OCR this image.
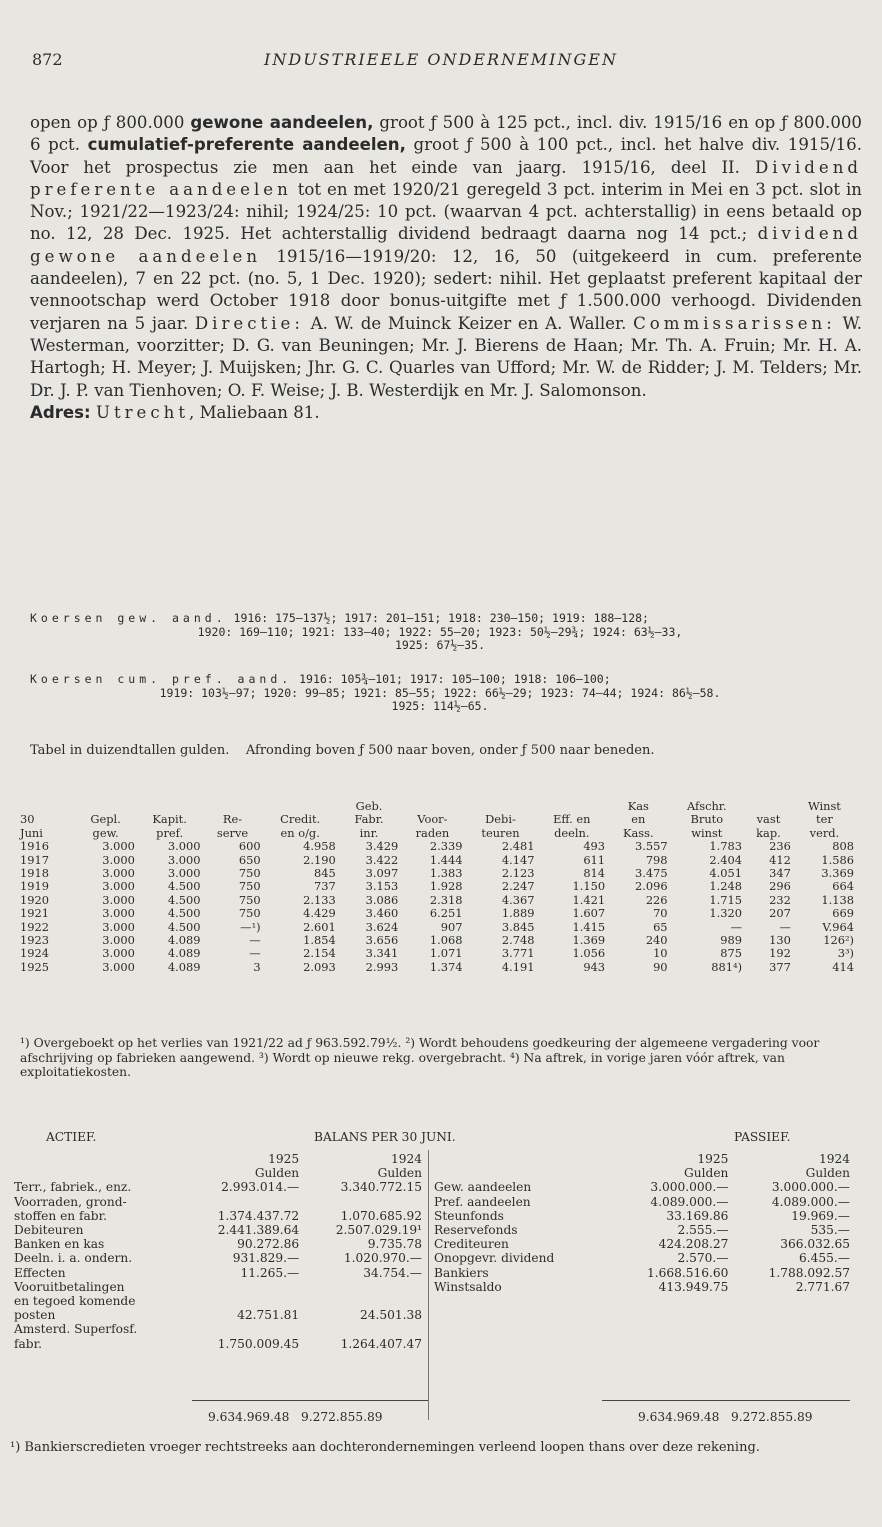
872	INDUSTRIEELE ONDERNEMINGEN
open op ƒ 800.000 gewone aandeelen, groot ƒ 500 à 125 pct., incl. div. 1915/16 en op ƒ 800.000 6 pct. cumulatief-preferente aandeelen, groot ƒ 500 à 100 pct., incl. het halve div. 1915/16. Voor het prospectus zie men aan het einde van jaarg. 1915/16, deel II. Dividend preferente aandeelen tot en met 1920/21 geregeld 3 pct. interim in Mei en 3 pct. slot in Nov.; 1921/22—1923/24: nihil; 1924/25: 10 pct. (waarvan 4 pct. achterstallig) in eens betaald op no. 12, 28 Dec. 1925. Het achterstallig dividend bedraagt daarna nog 14 pct.; dividend gewone aandeelen 1915/16—1919/20: 12, 16, 50 (uitgekeerd in cum. preferente aandeelen), 7 en 22 pct. (no. 5, 1 Dec. 1920); sedert: nihil. Het geplaatst preferent kapitaal der vennootschap werd October 1918 door bonus-uitgifte met ƒ 1.500.000 verhoogd. Dividenden verjaren na 5 jaar. Directie: A. W. de Muinck Keizer en A. Waller. Commissarissen: W. Westerman, voorzitter; D. G. van Beuningen; Mr. J. Bierens de Haan; Mr. Th. A. Fruin; Mr. H. A. Hartogh; H. Meyer; J. Muijsken; Jhr. G. C. Quarles van Ufford; Mr. W. de Ridder; J. M. Telders; Mr. Dr. J. P. van Tienhoven; O. F. Weise; J. B. Westerdijk en Mr. J. Salomonson.
Adres: Utrecht, Maliebaan 81.
Koersen gew. aand. 1916: 175—137½; 1917: 201—151; 1918: 230—150; 1919: 188—128;
1920: 169—110; 1921: 133—40; 1922: 55—20; 1923: 50½—29¾; 1924: 63½—33,
1925: 67½—35.
Koersen cum. pref. aand. 1916: 105¾—101; 1917: 105—100; 1918: 106—100;
1919: 103½—97; 1920: 99—85; 1921: 85—55; 1922: 66½—29; 1923: 74—44; 1924: 86½—58.
1925: 114½—65.
Tabel in duizendtallen gulden. Afronding boven ƒ 500 naar boven, onder ƒ 500 naar beneden.
					Geb.				Kas	Afschr.		Winst
30	Gepl.	Kapit.	Re-	Credit.	Fabr.	Voor-	Debi-	Eff. en	en	Bruto	vast	ter
Juni	gew.	pref.	serve	en o/g.	inr.	raden	teuren	deeln.	Kass.	winst	kap.	verd.
1916	3.000	3.000	600	4.958	3.429	2.339	2.481	493	3.557	1.783	236	808
1917	3.000	3.000	650	2.190	3.422	1.444	4.147	611	798	2.404	412	1.586
1918	3.000	3.000	750	845	3.097	1.383	2.123	814	3.475	4.051	347	3.369
1919	3.000	4.500	750	737	3.153	1.928	2.247	1.150	2.096	1.248	296	664
1920	3.000	4.500	750	2.133	3.086	2.318	4.367	1.421	226	1.715	232	1.138
1921	3.000	4.500	750	4.429	3.460	6.251	1.889	1.607	70	1.320	207	669
1922	3.000	4.500	—¹)	2.601	3.624	907	3.845	1.415	65	—	—	V.964
1923	3.000	4.089	—	1.854	3.656	1.068	2.748	1.369	240	989	130	126²)
1924	3.000	4.089	—	2.154	3.341	1.071	3.771	1.056	10	875	192	3³)
1925	3.000	4.089	3	2.093	2.993	1.374	4.191	943	90	881⁴)	377	414
¹) Overgeboekt op het verlies van 1921/22 ad ƒ 963.592.79½. ²) Wordt behoudens goedkeuring der algemeene vergadering voor afschrijving op fabrieken aangewend. ³) Wordt op nieuwe rekg. overgebracht. ⁴) Na aftrek, in vorige jaren vóór aftrek, van exploitatiekosten.
ACTIEF.	BALANS PER 30 JUNI.	PASSIEF.
	1925	1924
	Gulden	Gulden
Terr., fabriek., enz.	2.993.014.—	3.340.772.15
Voorraden, grond-		
stoffen en fabr.	1.374.437.72	1.070.685.92
Debiteuren	2.441.389.64	2.507.029.19¹
Banken en kas	90.272.86	9.735.78
Deeln. i. a. ondern.	931.829.—	1.020.970.—
Effecten	11.265.—	34.754.—
Vooruitbetalingen		
en tegoed komende		
posten	42.751.81	24.501.38
Amsterd. Superfosf.		
fabr.	1.750.009.45	1.264.407.47
	1925	1924
	Gulden	Gulden
Gew. aandeelen	3.000.000.—	3.000.000.—
Pref. aandeelen	4.089.000.—	4.089.000.—
Steunfonds	33.169.86	19.969.—
Reservefonds	2.555.—	535.—
Crediteuren	424.208.27	366.032.65
Onopgevr. dividend	2.570.—	6.455.—
Bankiers	1.668.516.60	1.788.092.57
Winstsaldo	413.949.75	2.771.67
9.634.969.48 9.272.855.89	9.634.969.48 9.272.855.89
¹) Bankierscredieten vroeger rechtstreeks aan dochterondernemingen verleend loopen thans over deze rekening.
